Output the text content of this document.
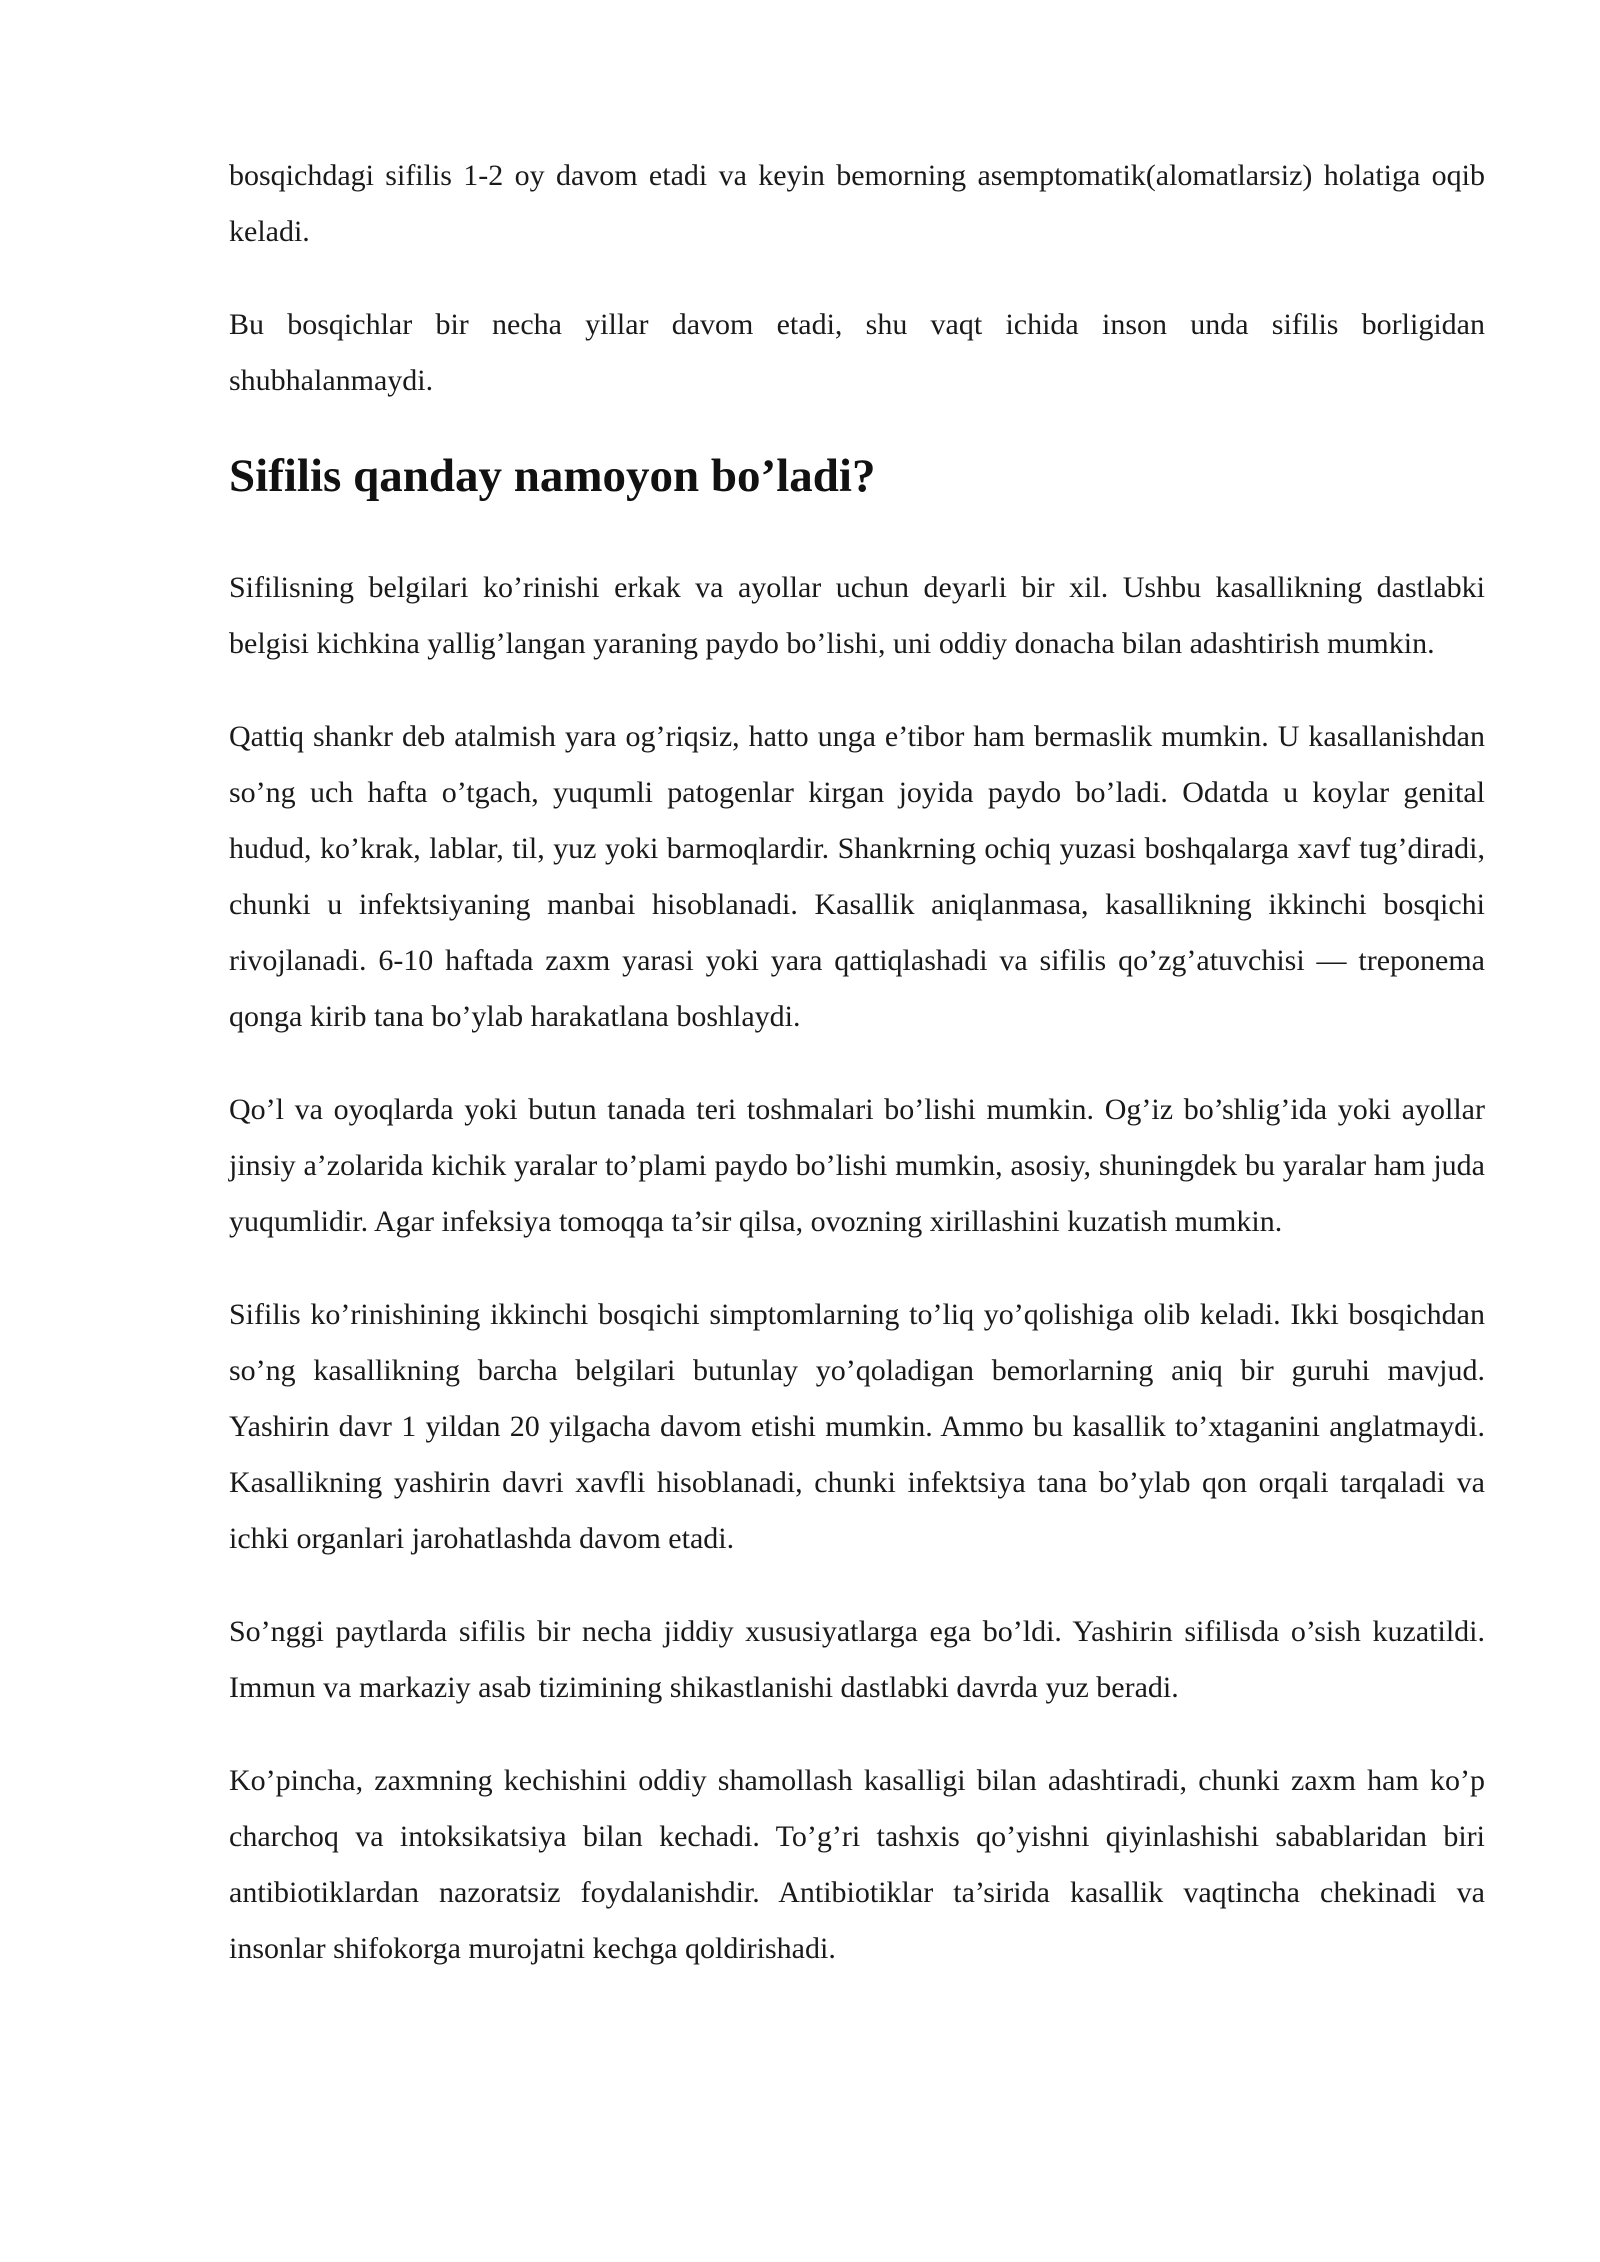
bosqichdagi sifilis 1-2 oy davom etadi va keyin bemorning asemptomatik(alomatlarsiz) holatiga oqib keladi.

Bu bosqichlar bir necha yillar davom etadi, shu vaqt ichida inson unda sifilis borligidan shubhalanmaydi.

Sifilis qanday namoyon bo’ladi?

Sifilisning belgilari ko’rinishi erkak va ayollar uchun deyarli bir xil. Ushbu kasallikning dastlabki belgisi kichkina yallig’langan yaraning paydo bo’lishi, uni oddiy donacha bilan adashtirish mumkin.

Qattiq shankr deb atalmish yara og’riqsiz, hatto unga e’tibor ham bermaslik mumkin. U kasallanishdan so’ng uch hafta o’tgach, yuqumli patogenlar kirgan joyida paydo bo’ladi. Odatda u koylar genital hudud, ko’krak, lablar, til, yuz yoki barmoqlardir. Shankrning ochiq yuzasi boshqalarga xavf tug’diradi, chunki u infektsiyaning manbai hisoblanadi. Kasallik aniqlanmasa, kasallikning ikkinchi bosqichi rivojlanadi. 6-10 haftada zaxm yarasi yoki yara qattiqlashadi va sifilis qo’zg’atuvchisi — treponema qonga kirib tana bo’ylab harakatlana boshlaydi.

Qo’l va oyoqlarda yoki butun tanada teri toshmalari bo’lishi mumkin. Og’iz bo’shlig’ida yoki ayollar jinsiy a’zolarida kichik yaralar to’plami paydo bo’lishi mumkin, asosiy, shuningdek bu yaralar ham juda yuqumlidir. Agar infeksiya tomoqqa ta’sir qilsa, ovozning xirillashini kuzatish mumkin.

Sifilis ko’rinishining ikkinchi bosqichi simptomlarning to’liq yo’qolishiga olib keladi. Ikki bosqichdan so’ng kasallikning barcha belgilari butunlay yo’qoladigan bemorlarning aniq bir guruhi mavjud. Yashirin davr 1 yildan 20 yilgacha davom etishi mumkin. Ammo bu kasallik to’xtaganini anglatmaydi. Kasallikning yashirin davri xavfli hisoblanadi, chunki infektsiya tana bo’ylab qon orqali tarqaladi va ichki organlari jarohatlashda davom etadi.

So’nggi paytlarda sifilis bir necha jiddiy xususiyatlarga ega bo’ldi. Yashirin sifilisda o’sish kuzatildi. Immun va markaziy asab tizimining shikastlanishi dastlabki davrda yuz beradi.

Ko’pincha, zaxmning kechishini oddiy shamollash kasalligi bilan adashtiradi, chunki zaxm ham ko’p charchoq va intoksikatsiya bilan kechadi. To’g’ri tashxis qo’yishni qiyinlashishi sabablaridan biri antibiotiklardan nazoratsiz foydalanishdir. Antibiotiklar ta’sirida kasallik vaqtincha chekinadi va insonlar shifokorga murojatni kechga qoldirishadi.
